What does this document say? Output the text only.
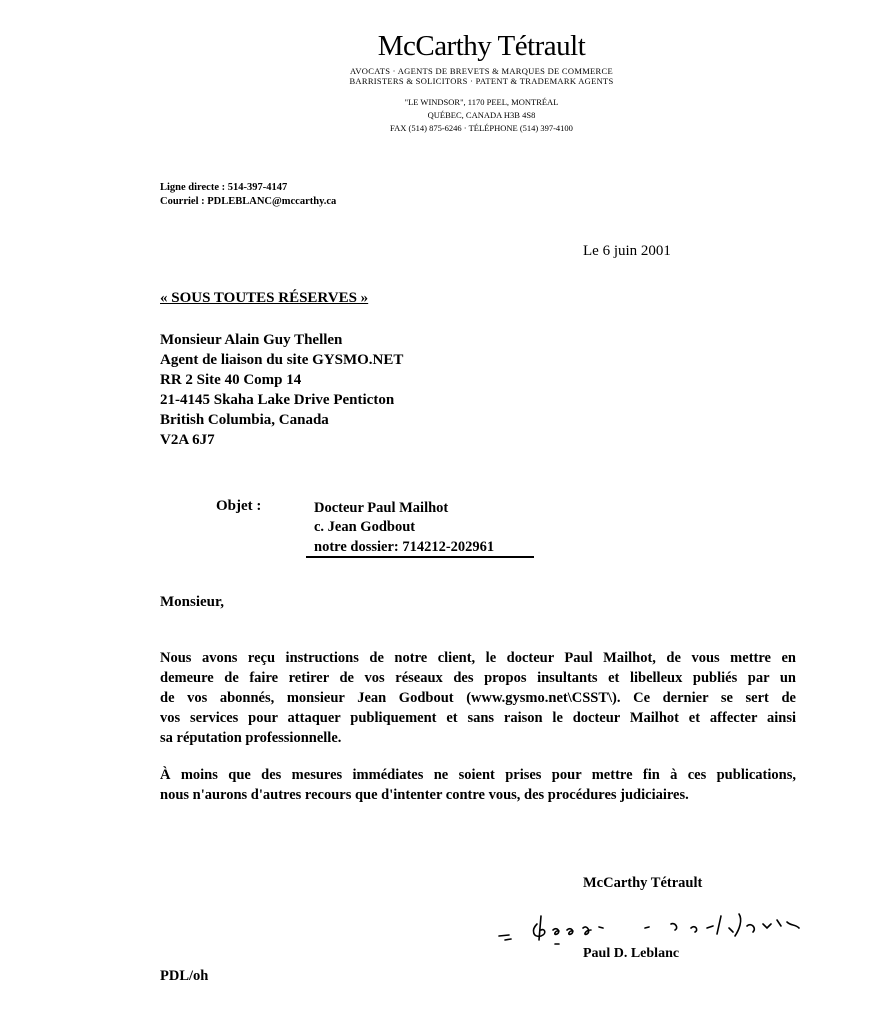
McCarthy Tétrault
AVOCATS · AGENTS DE BREVETS & MARQUES DE COMMERCE
BARRISTERS & SOLICITORS · PATENT & TRADEMARK AGENTS
"LE WINDSOR", 1170 PEEL, MONTRÉAL
QUÉBEC, CANADA H3B 4S8
FAX (514) 875-6246 · TÉLÉPHONE (514) 397-4100
Ligne directe : 514-397-4147
Courriel : PDLEBLANC@mccarthy.ca
Le 6 juin 2001
« SOUS TOUTES RÉSERVES »
Monsieur Alain Guy Thellen
Agent de liaison du site GYSMO.NET
RR 2 Site 40 Comp 14
21-4145 Skaha Lake Drive Penticton
British Columbia, Canada
V2A 6J7
Objet :	Docteur Paul Mailhot
c. Jean Godbout
notre dossier: 714212-202961
Monsieur,
Nous avons reçu instructions de notre client, le docteur Paul Mailhot, de vous mettre en
demeure de faire retirer de vos réseaux des propos insultants et libelleux publiés par un
de vos abonnés, monsieur Jean Godbout (www.gysmo.net\CSST\). Ce dernier se sert de
vos services pour attaquer publiquement et sans raison le docteur Mailhot et affecter ainsi
sa réputation professionnelle.
À moins que des mesures immédiates ne soient prises pour mettre fin à ces publications,
nous n'aurons d'autres recours que d'intenter contre vous, des procédures judiciaires.
McCarthy Tétrault
Paul D. Leblanc
PDL/oh
